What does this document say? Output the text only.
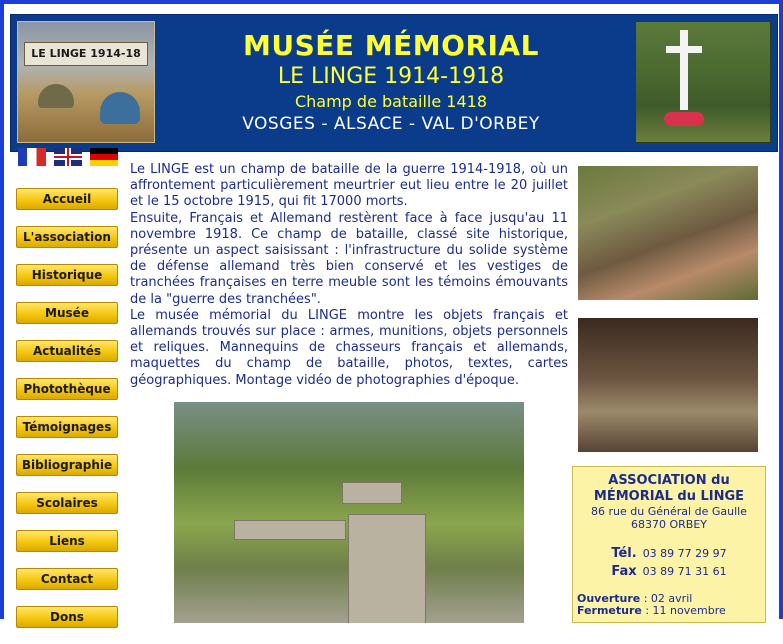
LE LINGE 1914-18	MUSÉE MÉMORIAL
LE LINGE 1914-1918
Champ de bataille 1418
VOSGES - ALSACE - VAL D'ORBEY

Accueil
L'association
Historique
Musée
Actualités
Photothèque
Témoignages
Bibliographie
Scolaires
Liens
Contact
Dons

Le LINGE est un champ de bataille de la guerre 1914-1918, où un affrontement particulièrement meurtrier eut lieu entre le 20 juillet et le 15 octobre 1915, qui fit 17000 morts.

Ensuite, Français et Allemand restèrent face à face jusqu'au 11 novembre 1918. Ce champ de bataille, classé site historique, présente un aspect saisissant : l'infrastructure du solide système de défense allemand très bien conservé et les vestiges de tranchées françaises en terre meuble sont les témoins émouvants de la "guerre des tranchées".

Le musée mémorial du LINGE montre les objets français et allemands trouvés sur place : armes, munitions, objets personnels et reliques. Mannequins de chasseurs français et allemands, maquettes du champ de bataille, photos, textes, cartes géographiques. Montage vidéo de photographies d'époque.

ASSOCIATION du
MÉMORIAL du LINGE
86 rue du Général de Gaulle
68370 ORBEY
Tél. 03 89 77 29 97
Fax 03 89 71 31 61
Ouverture : 02 avril
Fermeture : 11 novembre
